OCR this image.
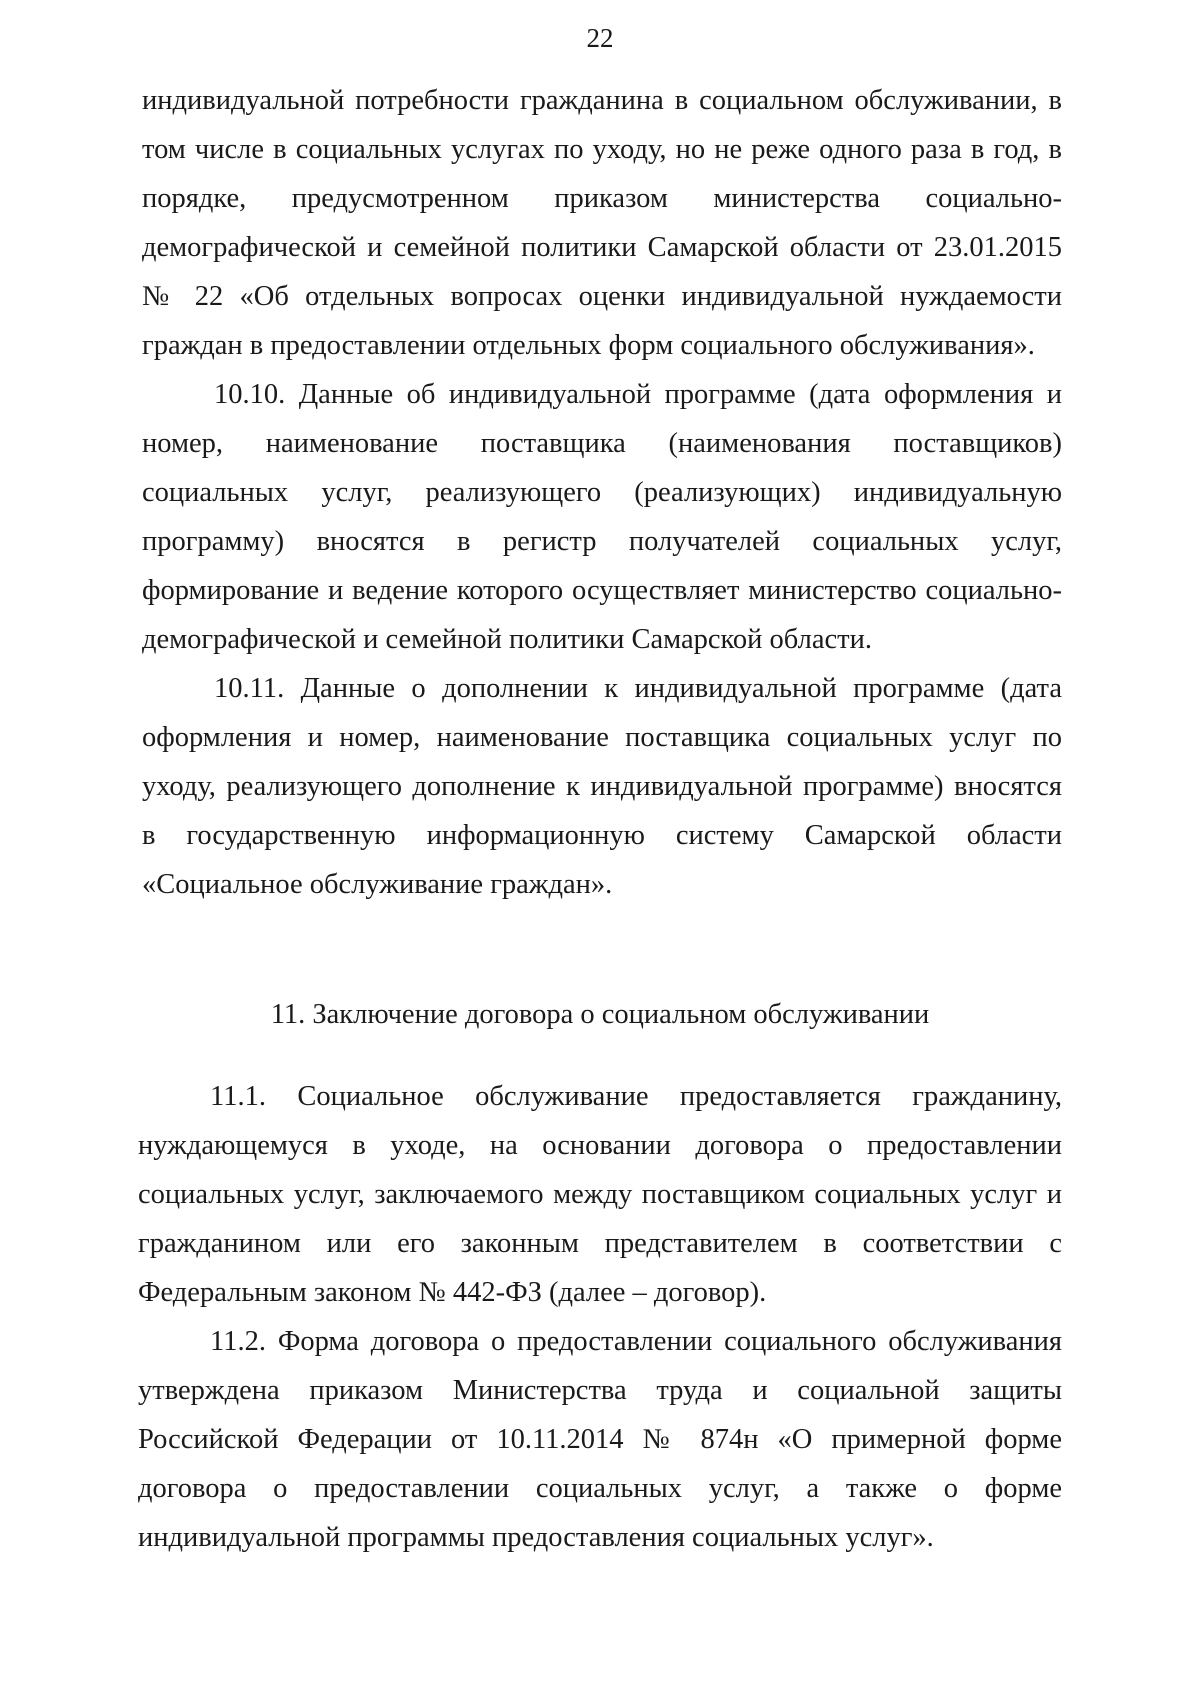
22

индивидуальной потребности гражданина в социальном обслуживании, в том числе в социальных услугах по уходу, но не реже одного раза в год, в порядке, предусмотренном приказом министерства социально-демографической и семейной политики Самарской области от 23.01.2015 № 22 «Об отдельных вопросах оценки индивидуальной нуждаемости граждан в предоставлении отдельных форм социального обслуживания».

10.10. Данные об индивидуальной программе (дата оформления и номер, наименование поставщика (наименования поставщиков) социальных услуг, реализующего (реализующих) индивидуальную программу) вносятся в регистр получателей социальных услуг, формирование и ведение которого осуществляет министерство социально-демографической и семейной политики Самарской области.

10.11. Данные о дополнении к индивидуальной программе (дата оформления и номер, наименование поставщика социальных услуг по уходу, реализующего дополнение к индивидуальной программе) вносятся в государственную информационную систему Самарской области «Социальное обслуживание граждан».

11. Заключение договора о социальном обслуживании

11.1. Социальное обслуживание предоставляется гражданину, нуждающемуся в уходе, на основании договора о предоставлении социальных услуг, заключаемого между поставщиком социальных услуг и гражданином или его законным представителем в соответствии с Федеральным законом № 442-ФЗ (далее – договор).

11.2. Форма договора о предоставлении социального обслуживания утверждена приказом Министерства труда и социальной защиты Российской Федерации от 10.11.2014 № 874н «О примерной форме договора о предоставлении социальных услуг, а также о форме индивидуальной программы предоставления социальных услуг».
